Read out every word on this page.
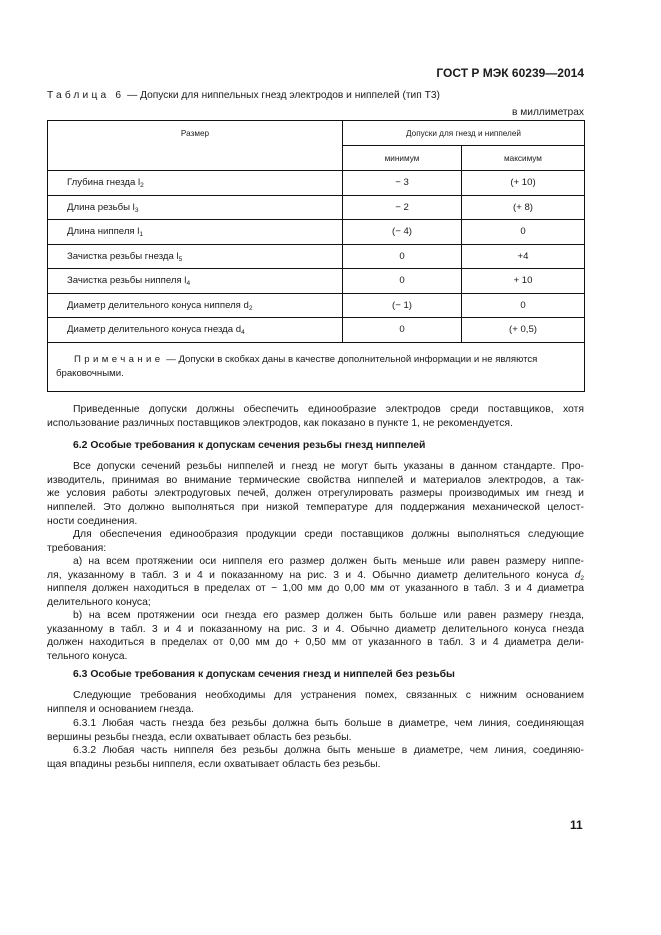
ГОСТ Р МЭК 60239—2014
Таблица 6 — Допуски для ниппельных гнезд электродов и ниппелей (тип Т3)
в миллиметрах
Размер	Допуски для гнезд и ниппелей	
	минимум	максимум
Глубина гнезда $l_2$	− 3	(+ 10)
Длина резьбы $l_3$	− 2	(+ 8)
Длина ниппеля $l_1$	(− 4)	0
Зачистка резьбы гнезда $l_5$	0	+4
Зачистка резьбы ниппеля $l_4$	0	+ 10
Диаметр делительного конуса ниппеля $d_2$	(− 1)	0
Диаметр делительного конуса гнезда $d_4$	0	(+ 0,5)
Примечание — Допуски в скобках даны в качестве дополнительной информации и не являются
браковочными.		
Приведенные допуски должны обеспечить единообразие электродов среди поставщиков, хотя
использование различных поставщиков электродов, как показано в пункте 1, не рекомендуется.
6.2 Особые требования к допускам сечения резьбы гнезд ниппелей
Все допуски сечений резьбы ниппелей и гнезд не могут быть указаны в данном стандарте. Про-
изводитель, принимая во внимание термические свойства ниппелей и материалов электродов, а так-
же условия работы электродуговых печей, должен отрегулировать размеры производимых им гнезд и
ниппелей. Это должно выполняться при низкой температуре для поддержания механической целост-
ности соединения.
Для обеспечения единообразия продукции среди поставщиков должны выполняться следующие
требования:
а) на всем протяжении оси ниппеля его размер должен быть меньше или равен размеру ниппе-
ля, указанному в табл. 3 и 4 и показанному на рис. 3 и 4. Обычно диаметр делительного конуса $d_2$
ниппеля должен находиться в пределах от − 1,00 мм до 0,00 мм от указанного в табл. 3 и 4 диаметра
делительного конуса;
b) на всем протяжении оси гнезда его размер должен быть больше или равен размеру гнезда,
указанному в табл. 3 и 4 и показанному на рис. 3 и 4. Обычно диаметр делительного конуса гнезда
должен находиться в пределах от 0,00 мм до + 0,50 мм от указанного в табл. 3 и 4 диаметра дели-
тельного конуса.
6.3 Особые требования к допускам сечения гнезд и ниппелей без резьбы
Следующие требования необходимы для устранения помех, связанных с нижним основанием
ниппеля и основанием гнезда.
6.3.1 Любая часть гнезда без резьбы должна быть больше в диаметре, чем линия, соединяющая
вершины резьбы гнезда, если охватывает область без резьбы.
6.3.2 Любая часть ниппеля без резьбы должна быть меньше в диаметре, чем линия, соединяю-
щая впадины резьбы ниппеля, если охватывает область без резьбы.
11
